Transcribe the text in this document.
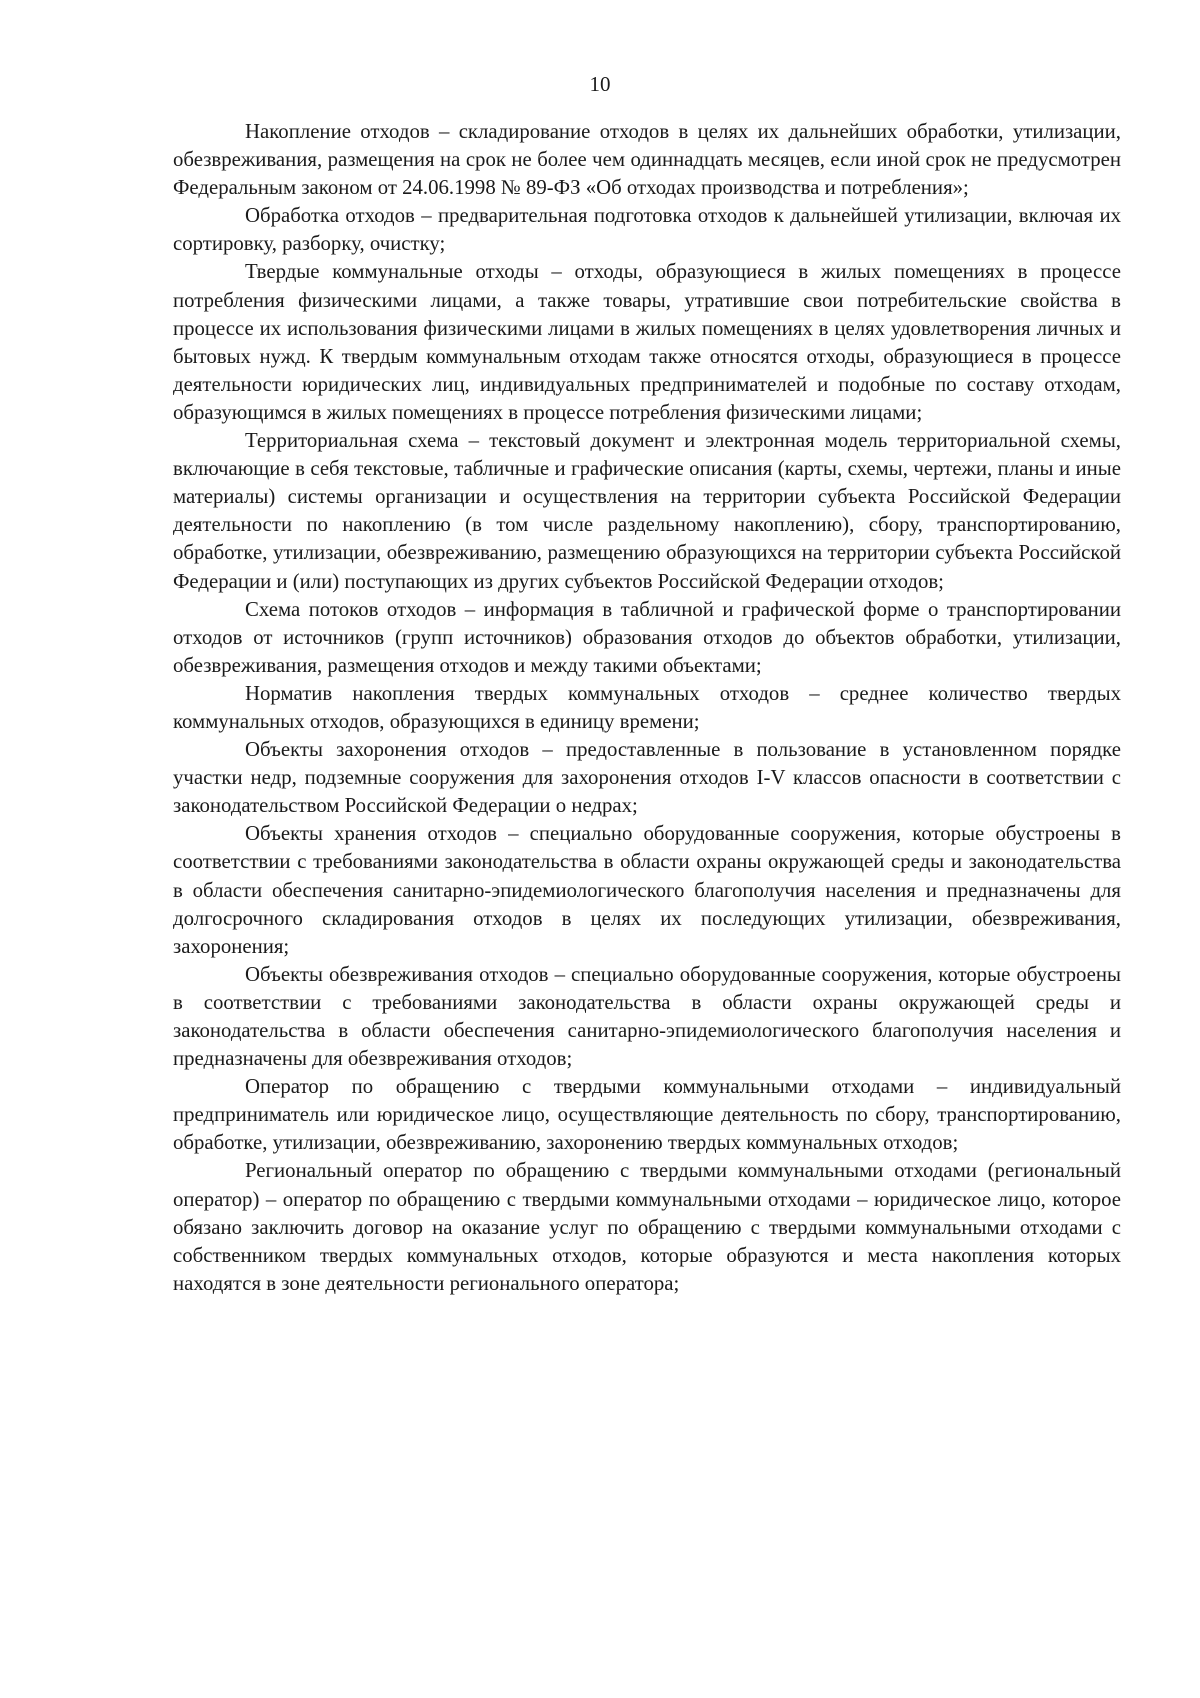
10

Накопление отходов – складирование отходов в целях их дальнейших обработки, утилизации, обезвреживания, размещения на срок не более чем одиннадцать месяцев, если иной срок не предусмотрен Федеральным законом от 24.06.1998 № 89-ФЗ «Об отходах производства и потребления»;

Обработка отходов – предварительная подготовка отходов к дальнейшей утилизации, включая их сортировку, разборку, очистку;

Твердые коммунальные отходы – отходы, образующиеся в жилых помещениях в процессе потребления физическими лицами, а также товары, утратившие свои потребительские свойства в процессе их использования физическими лицами в жилых помещениях в целях удовлетворения личных и бытовых нужд. К твердым коммунальным отходам также относятся отходы, образующиеся в процессе деятельности юридических лиц, индивидуальных предпринимателей и подобные по составу отходам, образующимся в жилых помещениях в процессе потребления физическими лицами;

Территориальная схема – текстовый документ и электронная модель территориальной схемы, включающие в себя текстовые, табличные и графические описания (карты, схемы, чертежи, планы и иные материалы) системы организации и осуществления на территории субъекта Российской Федерации деятельности по накоплению (в том числе раздельному накоплению), сбору, транспортированию, обработке, утилизации, обезвреживанию, размещению образующихся на территории субъекта Российской Федерации и (или) поступающих из других субъектов Российской Федерации отходов;

Схема потоков отходов – информация в табличной и графической форме о транспортировании отходов от источников (групп источников) образования отходов до объектов обработки, утилизации, обезвреживания, размещения отходов и между такими объектами;

Норматив накопления твердых коммунальных отходов – среднее количество твердых коммунальных отходов, образующихся в единицу времени;

Объекты захоронения отходов – предоставленные в пользование в установленном порядке участки недр, подземные сооружения для захоронения отходов I-V классов опасности в соответствии с законодательством Российской Федерации о недрах;

Объекты хранения отходов – специально оборудованные сооружения, которые обустроены в соответствии с требованиями законодательства в области охраны окружающей среды и законодательства в области обеспечения санитарно-эпидемиологического благополучия населения и предназначены для долгосрочного складирования отходов в целях их последующих утилизации, обезвреживания, захоронения;

Объекты обезвреживания отходов – специально оборудованные сооружения, которые обустроены в соответствии с требованиями законодательства в области охраны окружающей среды и законодательства в области обеспечения санитарно-эпидемиологического благополучия населения и предназначены для обезвреживания отходов;

Оператор по обращению с твердыми коммунальными отходами – индивидуальный предприниматель или юридическое лицо, осуществляющие деятельность по сбору, транспортированию, обработке, утилизации, обезвреживанию, захоронению твердых коммунальных отходов;

Региональный оператор по обращению с твердыми коммунальными отходами (региональный оператор) – оператор по обращению с твердыми коммунальными отходами – юридическое лицо, которое обязано заключить договор на оказание услуг по обращению с твердыми коммунальными отходами с собственником твердых коммунальных отходов, которые образуются и места накопления которых находятся в зоне деятельности регионального оператора;
